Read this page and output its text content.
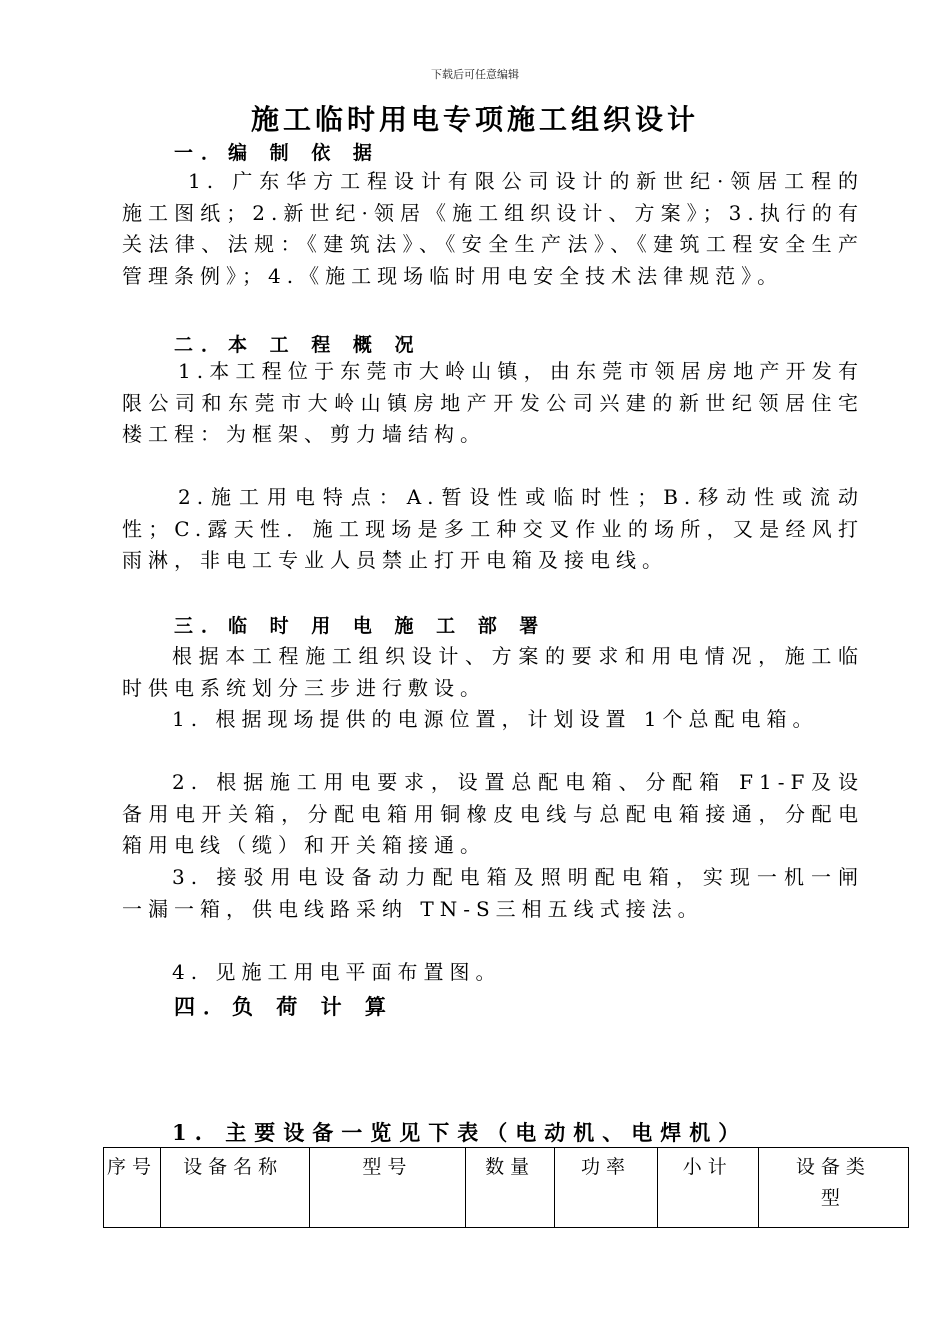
下载后可任意编辑
施工临时用电专项施工组织设计
一．编 制 依 据
1. 广东华方工程设计有限公司设计的新世纪·领居工程的施工图纸；2.新世纪·领居《施工组织设计、方案》；3.执行的有关法律、法规：《建筑法》、《安全生产法》、《建筑工程安全生产管理条例》；4.《施工现场临时用电安全技术法律规范》。
二．本 工 程 概 况
1.本工程位于东莞市大岭山镇，由东莞市领居房地产开发有限公司和东莞市大岭山镇房地产开发公司兴建的新世纪领居住宅楼工程：为框架、剪力墙结构。
2.施工用电特点：A.暂设性或临时性；B.移动性或流动性；C.露天性．施工现场是多工种交叉作业的场所，又是经风打雨淋，非电工专业人员禁止打开电箱及接电线。
三．临 时 用 电 施 工 部 署
根据本工程施工组织设计、方案的要求和用电情况，施工临时供电系统划分三步进行敷设。
1. 根据现场提供的电源位置，计划设置 1个总配电箱。
2. 根据施工用电要求，设置总配电箱、分配箱 F1-F及设备用电开关箱，分配电箱用铜橡皮电线与总配电箱接通，分配电箱用电线（缆）和开关箱接通。
3. 接驳用电设备动力配电箱及照明配电箱，实现一机一闸一漏一箱，供电线路采纳 TN-S三相五线式接法。
4. 见施工用电平面布置图。
四．负 荷 计 算
1. 主要设备一览见下表（电动机、电焊机）
序号	设备名称	型号	数量	功率	小计	设备类型
